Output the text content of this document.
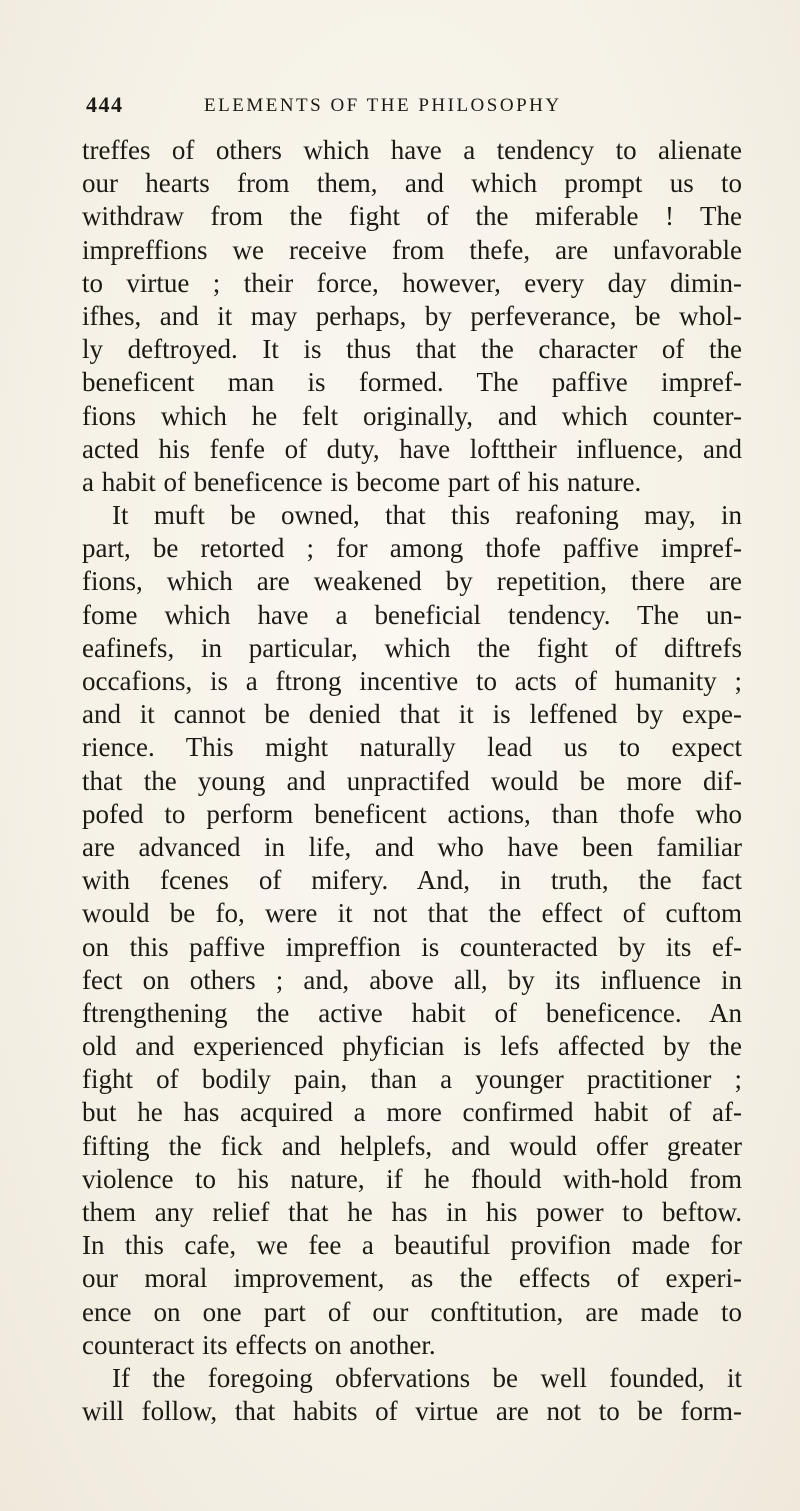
444	ELEMENTS OF THE PHILOSOPHY
treffes of others which have a tendency to alienate
our hearts from them, and which prompt us to
withdraw from the fight of the miferable ! The
impreffions we receive from thefe, are unfavorable
to virtue ; their force, however, every day dimin-
ifhes, and it may perhaps, by perfeverance, be whol-
ly deftroyed. It is thus that the character of the
beneficent man is formed. The paffive impref-
fions which he felt originally, and which counter-
acted his fenfe of duty, have lofttheir influence, and
a habit of beneficence is become part of his nature.
It muft be owned, that this reafoning may, in
part, be retorted ; for among thofe paffive impref-
fions, which are weakened by repetition, there are
fome which have a beneficial tendency. The un-
eafinefs, in particular, which the fight of diftrefs
occafions, is a ftrong incentive to acts of humanity ;
and it cannot be denied that it is leffened by expe-
rience. This might naturally lead us to expect
that the young and unpractifed would be more dif-
pofed to perform beneficent actions, than thofe who
are advanced in life, and who have been familiar
with fcenes of mifery. And, in truth, the fact
would be fo, were it not that the effect of cuftom
on this paffive impreffion is counteracted by its ef-
fect on others ; and, above all, by its influence in
ftrengthening the active habit of beneficence. An
old and experienced phyfician is lefs affected by the
fight of bodily pain, than a younger practitioner ;
but he has acquired a more confirmed habit of af-
fifting the fick and helplefs, and would offer greater
violence to his nature, if he fhould with-hold from
them any relief that he has in his power to beftow.
In this cafe, we fee a beautiful provifion made for
our moral improvement, as the effects of experi-
ence on one part of our conftitution, are made to
counteract its effects on another.
If the foregoing obfervations be well founded, it
will follow, that habits of virtue are not to be form-
